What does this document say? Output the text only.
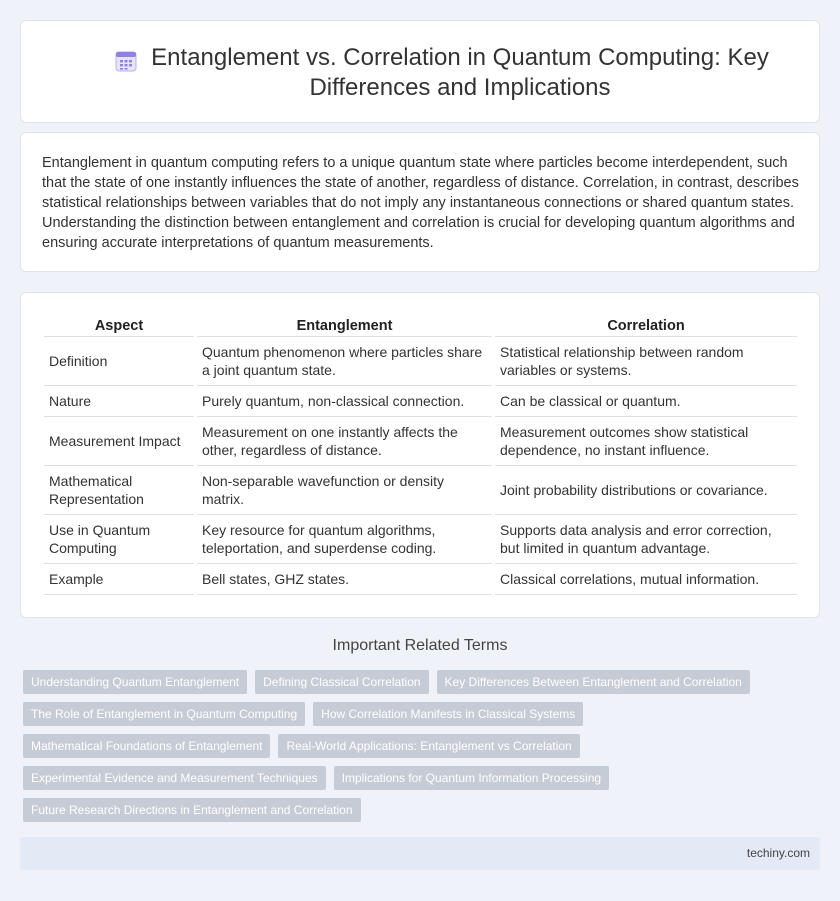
Entanglement vs. Correlation in Quantum Computing: Key Differences and Implications

Entanglement in quantum computing refers to a unique quantum state where particles become interdependent, such that the state of one instantly influences the state of another, regardless of distance. Correlation, in contrast, describes statistical relationships between variables that do not imply any instantaneous connections or shared quantum states. Understanding the distinction between entanglement and correlation is crucial for developing quantum algorithms and ensuring accurate interpretations of quantum measurements.

Aspect	Entanglement	Correlation
Definition	Quantum phenomenon where particles share a joint quantum state.	Statistical relationship between random variables or systems.
Nature	Purely quantum, non-classical connection.	Can be classical or quantum.
Measurement Impact	Measurement on one instantly affects the other, regardless of distance.	Measurement outcomes show statistical dependence, no instant influence.
Mathematical Representation	Non-separable wavefunction or density matrix.	Joint probability distributions or covariance.
Use in Quantum Computing	Key resource for quantum algorithms, teleportation, and superdense coding.	Supports data analysis and error correction, but limited in quantum advantage.
Example	Bell states, GHZ states.	Classical correlations, mutual information.
Important Related Terms
Understanding Quantum Entanglement	Defining Classical Correlation	Key Differences Between Entanglement and Correlation
The Role of Entanglement in Quantum Computing	How Correlation Manifests in Classical Systems
Mathematical Foundations of Entanglement	Real-World Applications: Entanglement vs Correlation
Experimental Evidence and Measurement Techniques	Implications for Quantum Information Processing
Future Research Directions in Entanglement and Correlation
techiny.com
